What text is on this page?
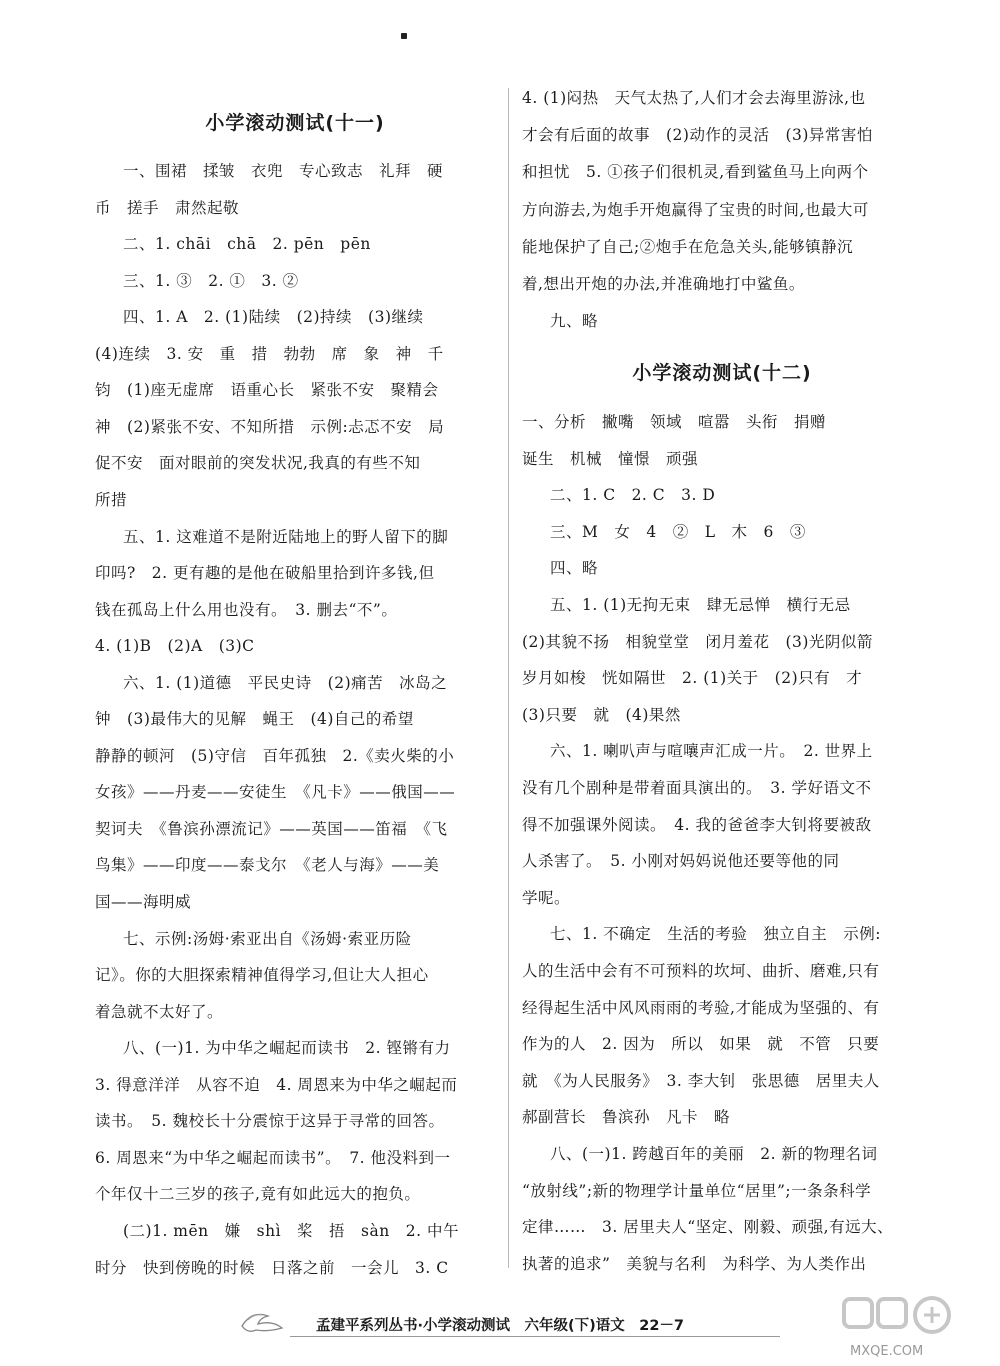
小学滚动测试(十一)
一、围裙　揉皱　衣兜　专心致志　礼拜　硬
币　搓手　肃然起敬
二、1. chāi　chā　2. pēn　pēn
三、1. ③　2. ①　3. ②
四、1. A　2. (1)陆续　(2)持续　(3)继续
(4)连续　3. 安　重　措　勃勃　席　象　神　千
钧　(1)座无虚席　语重心长　紧张不安　聚精会
神　(2)紧张不安、不知所措　示例:忐忑不安　局
促不安　面对眼前的突发状况,我真的有些不知
所措
五、1. 这难道不是附近陆地上的野人留下的脚
印吗?　2. 更有趣的是他在破船里拾到许多钱,但
钱在孤岛上什么用也没有。　3. 删去“不”。
4. (1)B　(2)A　(3)C
六、1. (1)道德　平民史诗　(2)痛苦　冰岛之
钟　(3)最伟大的见解　蝇王　(4)自己的希望
静静的顿河　(5)守信　百年孤独　2.《卖火柴的小
女孩》——丹麦——安徒生　《凡卡》——俄国——
契诃夫　《鲁滨孙漂流记》——英国——笛福　《飞
鸟集》——印度——泰戈尔　《老人与海》——美
国——海明威
七、示例:汤姆·索亚出自《汤姆·索亚历险
记》。你的大胆探索精神值得学习,但让大人担心
着急就不太好了。
八、(一)1. 为中华之崛起而读书　2. 铿锵有力
3. 得意洋洋　从容不迫　4. 周恩来为中华之崛起而
读书。　5. 魏校长十分震惊于这异于寻常的回答。
6. 周恩来“为中华之崛起而读书”。　7. 他没料到一
个年仅十二三岁的孩子,竟有如此远大的抱负。
(二)1. mēn　嫌　shì　桨　捂　sàn　2. 中午
时分　快到傍晚的时候　日落之前　一会儿　3. C
小学滚动测试(十二)
4. (1)闷热　天气太热了,人们才会去海里游泳,也
才会有后面的故事　(2)动作的灵活　(3)异常害怕
和担忧　5. ①孩子们很机灵,看到鲨鱼马上向两个
方向游去,为炮手开炮赢得了宝贵的时间,也最大可
能地保护了自己;②炮手在危急关头,能够镇静沉
着,想出开炮的办法,并准确地打中鲨鱼。
九、略
一、分析　撇嘴　领域　喧嚣　头衔　捐赠
诞生　机械　憧憬　顽强
二、1. C　2. C　3. D
三、M　女　4　②　L　木　6　③
四、略
五、1. (1)无拘无束　肆无忌惮　横行无忌
(2)其貌不扬　相貌堂堂　闭月羞花　(3)光阴似箭
岁月如梭　恍如隔世　2. (1)关于　(2)只有　才
(3)只要　就　(4)果然
六、1. 喇叭声与喧嚷声汇成一片。　2. 世界上
没有几个剧种是带着面具演出的。　3. 学好语文不
得不加强课外阅读。　4. 我的爸爸李大钊将要被敌
人杀害了。　5. 小刚对妈妈说他还要等他的同
学呢。
七、1. 不确定　生活的考验　独立自主　示例:
人的生活中会有不可预料的坎坷、曲折、磨难,只有
经得起生活中风风雨雨的考验,才能成为坚强的、有
作为的人　2. 因为　所以　如果　就　不管　只要
就　《为人民服务》　3. 李大钊　张思德　居里夫人
郝副营长　鲁滨孙　凡卡　略
八、(一)1. 跨越百年的美丽　2. 新的物理名词
“放射线”;新的物理学计量单位“居里”;一条条科学
定律……　3. 居里夫人“坚定、刚毅、顽强,有远大、
执著的追求”　美貌与名利　为科学、为人类作出
孟建平系列丛书·小学滚动测试　六年级(下)语文　22－7
MXQE.COM
